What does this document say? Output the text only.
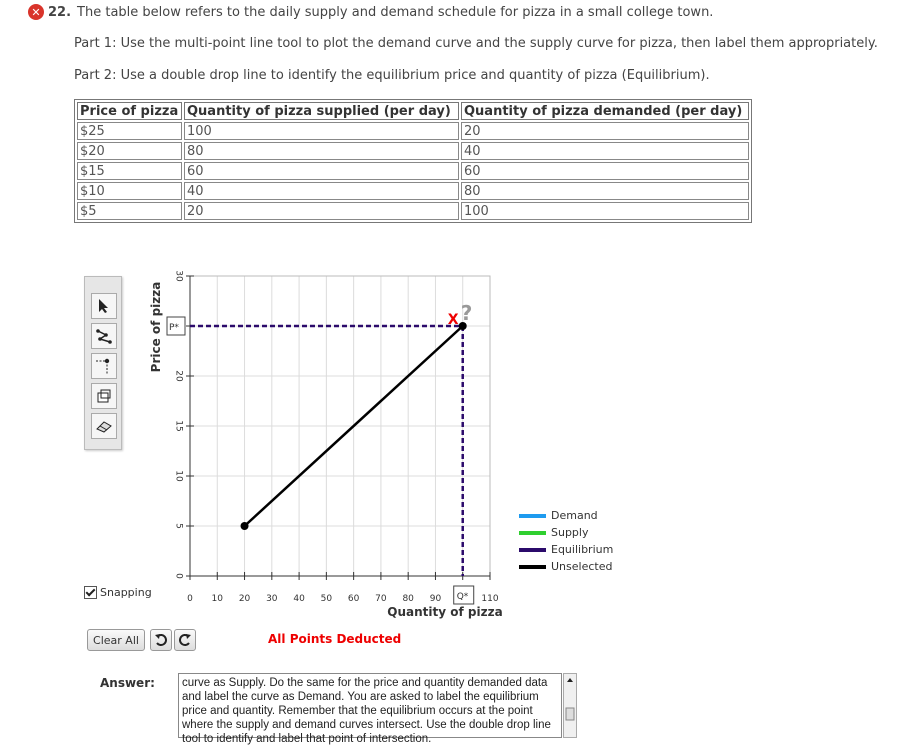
✕ 22. The table below refers to the daily supply and demand schedule for pizza in a small college town.
Part 1: Use the multi-point line tool to plot the demand curve and the supply curve for pizza, then label them appropriately.
Part 2: Use a double drop line to identify the equilibrium price and quantity of pizza (Equilibrium).
Price of pizza	Quantity of pizza supplied (per day)	Quantity of pizza demanded (per day)
$25	100	20
$20	80	40
$15	60	60
$10	40	80
$5	20	100
0 10 20 30 40 50 60 70 80 90	110
0
5
10
15
20
30
Price of pizza
Quantity of pizza
P*
Q*
X ?
Demand
Supply
Equilibrium
Unselected
Snapping
Clear All	All Points Deducted
Answer:	curve as Supply. Do the same for the price and quantity demanded data and label the curve as Demand. You are asked to label the equilibrium price and quantity. Remember that the equilibrium occurs at the point where the supply and demand curves intersect. Use the double drop line tool to identify and label that point of intersection.
